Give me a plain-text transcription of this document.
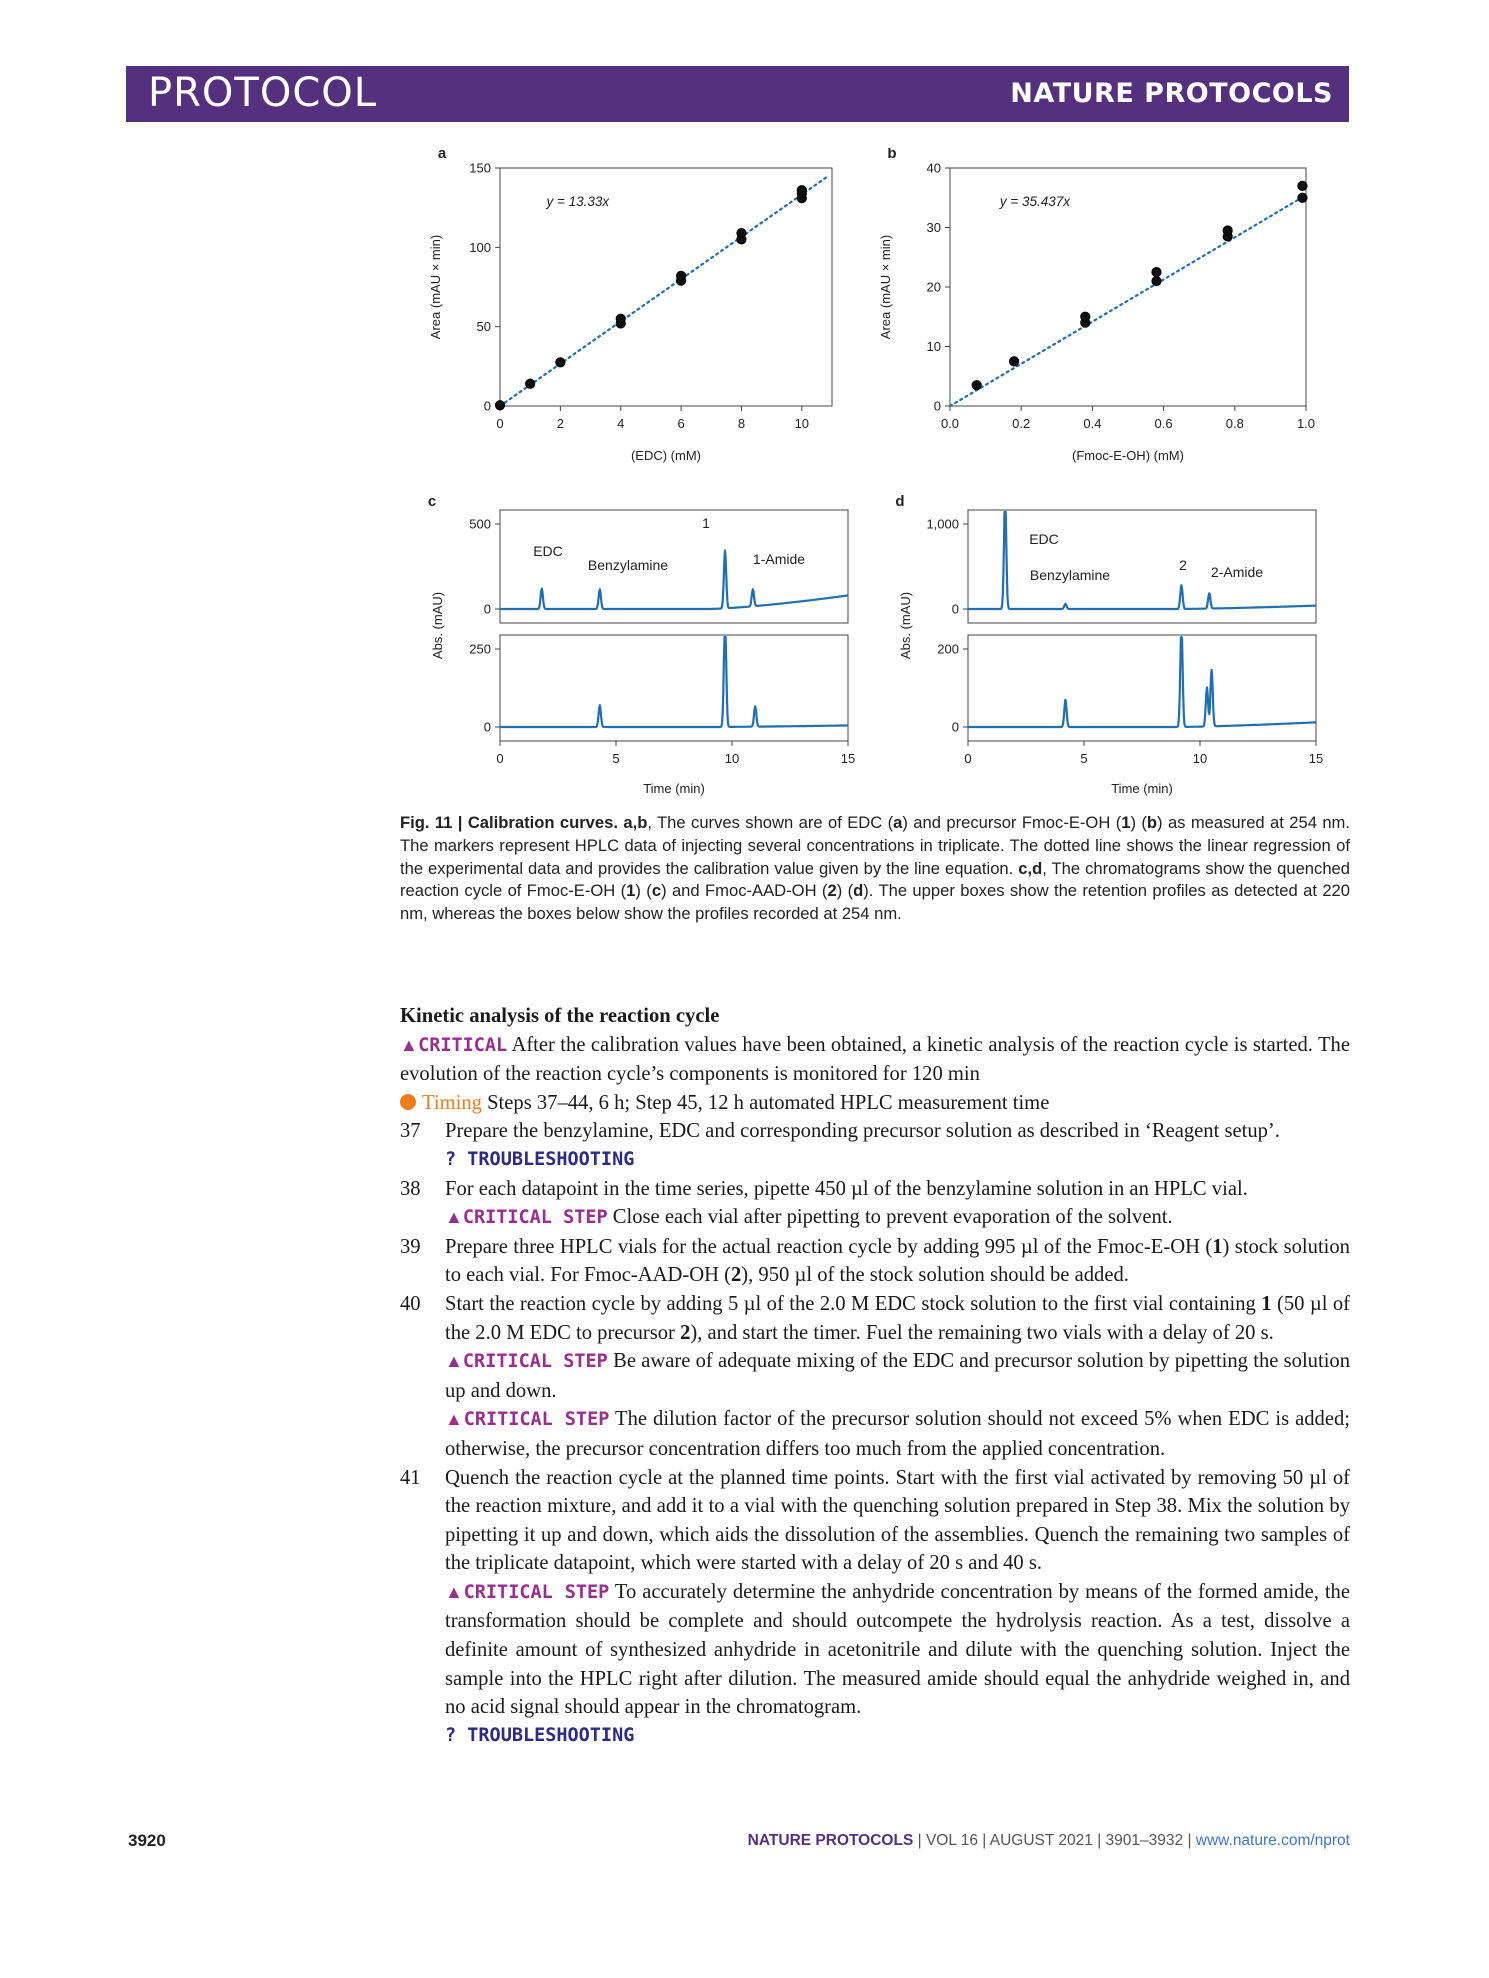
PROTOCOL	NATURE PROTOCOLS
a
0
50
100
150
0	2	4	6	8	10
(EDC) (mM)
Area (mAU × min)
y = 13.33x
b
0
10
20
30
40
0.0	0.2	0.4	0.6	0.8	1.0
(Fmoc-E-OH) (mM)
Area (mAU × min)
y = 35.437x
c
0
500
0
250
0	5	10	15
Time (min)
Abs. (mAU)
EDC
Benzylamine
1
1-Amide
d
0
1,000
0
200
0	5	10	15
Time (min)
Abs. (mAU)
EDC
Benzylamine
2 2-Amide
Fig. 11 | Calibration curves. a,b, The curves shown are of EDC (a) and precursor Fmoc-E-OH (1) (b) as measured at 254 nm. The markers represent HPLC data of injecting several concentrations in triplicate. The dotted line shows the linear regression of the experimental data and provides the calibration value given by the line equation. c,d, The chromatograms show the quenched reaction cycle of Fmoc-E-OH (1) (c) and Fmoc-AAD-OH (2) (d). The upper boxes show the retention profiles as detected at 220 nm, whereas the boxes below show the profiles recorded at 254 nm.
Kinetic analysis of the reaction cycle
▲CRITICAL After the calibration values have been obtained, a kinetic analysis of the reaction cycle is started. The evolution of the reaction cycle’s components is monitored for 120 min
Timing Steps 37–44, 6 h; Step 45, 12 h automated HPLC measurement time
37 Prepare the benzylamine, EDC and corresponding precursor solution as described in ‘Reagent setup’.
? TROUBLESHOOTING
38 For each datapoint in the time series, pipette 450 µl of the benzylamine solution in an HPLC vial.
▲CRITICAL STEP Close each vial after pipetting to prevent evaporation of the solvent.
39 Prepare three HPLC vials for the actual reaction cycle by adding 995 µl of the Fmoc-E-OH (1) stock solution to each vial. For Fmoc-AAD-OH (2), 950 µl of the stock solution should be added.
40 Start the reaction cycle by adding 5 µl of the 2.0 M EDC stock solution to the first vial containing 1 (50 µl of the 2.0 M EDC to precursor 2), and start the timer. Fuel the remaining two vials with a delay of 20 s.
▲CRITICAL STEP Be aware of adequate mixing of the EDC and precursor solution by pipetting the solution up and down.
▲CRITICAL STEP The dilution factor of the precursor solution should not exceed 5% when EDC is added; otherwise, the precursor concentration differs too much from the applied concentration.
41 Quench the reaction cycle at the planned time points. Start with the first vial activated by removing 50 µl of the reaction mixture, and add it to a vial with the quenching solution prepared in Step 38. Mix the solution by pipetting it up and down, which aids the dissolution of the assemblies. Quench the remaining two samples of the triplicate datapoint, which were started with a delay of 20 s and 40 s.
▲CRITICAL STEP To accurately determine the anhydride concentration by means of the formed amide, the transformation should be complete and should outcompete the hydrolysis reaction. As a test, dissolve a definite amount of synthesized anhydride in acetonitrile and dilute with the quenching solution. Inject the sample into the HPLC right after dilution. The measured amide should equal the anhydride weighed in, and no acid signal should appear in the chromatogram.
? TROUBLESHOOTING
3920	NATURE PROTOCOLS | VOL 16 | AUGUST 2021 | 3901–3932 | www.nature.com/nprot
